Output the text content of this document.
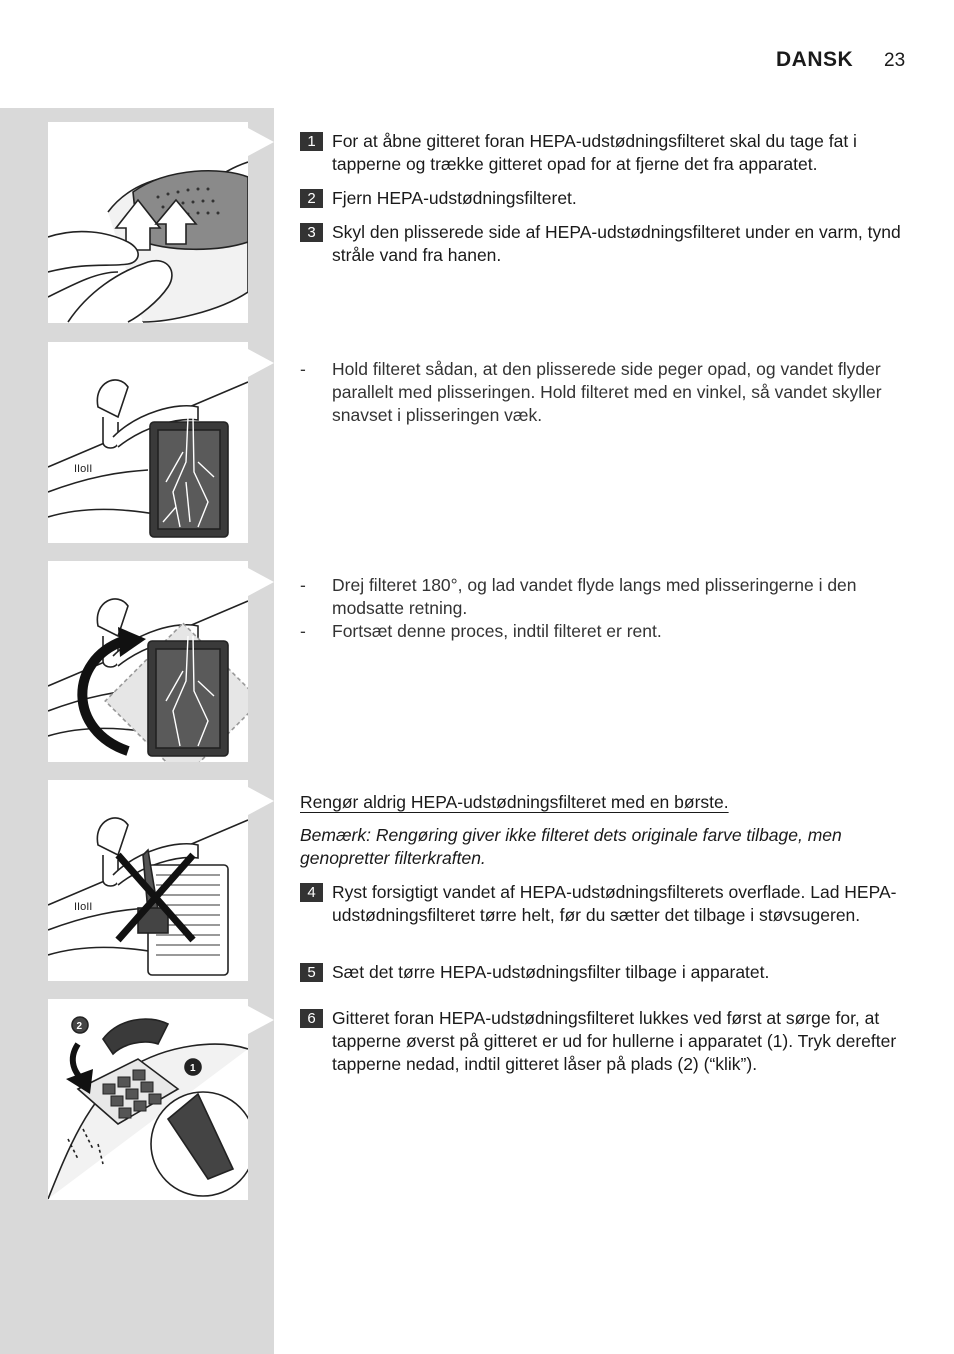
DANSK 23
IIoII
IIoII
2
1
1 For at åbne gitteret foran HEPA-udstødningsfilteret skal du tage fat i tapperne og trække gitteret opad for at fjerne det fra apparatet.
2 Fjern HEPA-udstødningsfilteret.
3 Skyl den plisserede side af HEPA-udstødningsfilteret under en varm, tynd stråle vand fra hanen.
- Hold filteret sådan, at den plisserede side peger opad, og vandet flyder parallelt med plisseringen. Hold filteret med en vinkel, så vandet skyller snavset i plisseringen væk.
- Drej filteret 180°, og lad vandet flyde langs med plisseringerne i den modsatte retning.
- Fortsæt denne proces, indtil filteret er rent.
Rengør aldrig HEPA-udstødningsfilteret med en børste.
Bemærk: Rengøring giver ikke filteret dets originale farve tilbage, men genopretter filterkraften.
4 Ryst forsigtigt vandet af HEPA-udstødningsfilterets overflade. Lad HEPA-udstødningsfilteret tørre helt, før du sætter det tilbage i støvsugeren.
5 Sæt det tørre HEPA-udstødningsfilter tilbage i apparatet.
6 Gitteret foran HEPA-udstødningsfilteret lukkes ved først at sørge for, at tapperne øverst på gitteret er ud for hullerne i apparatet (1). Tryk derefter tapperne nedad, indtil gitteret låser på plads (2) (“klik”).
